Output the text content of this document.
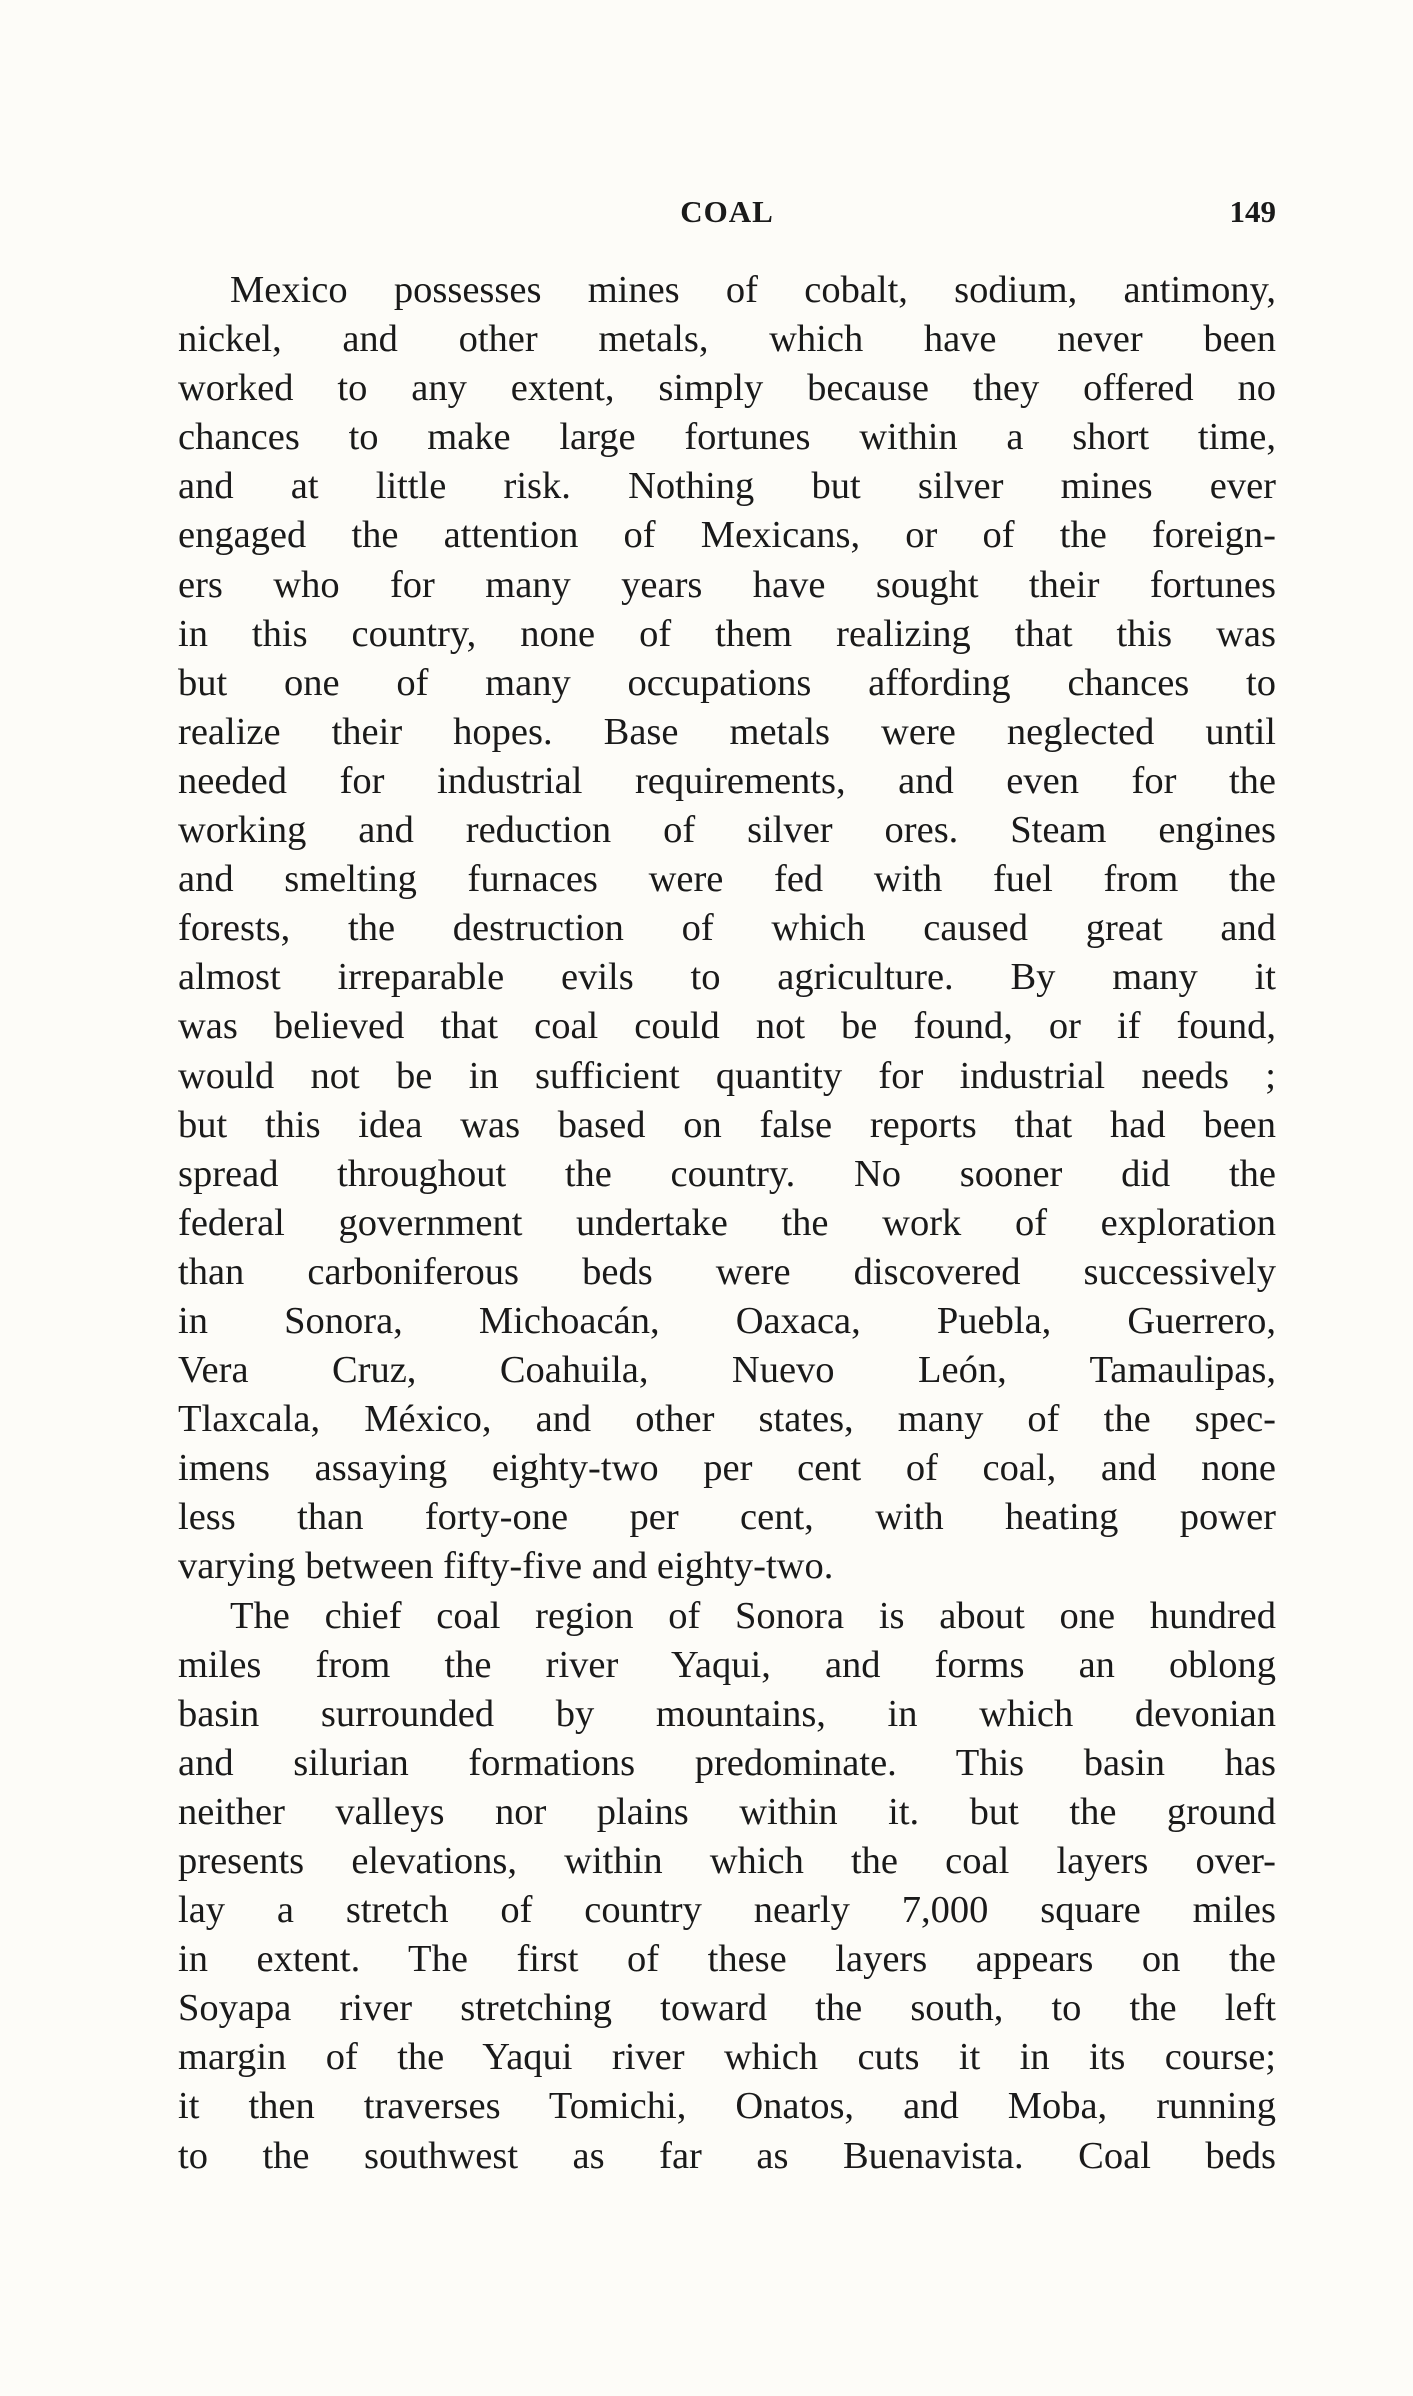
COAL	149
Mexico possesses mines of cobalt, sodium, antimony,
nickel, and other metals, which have never been
worked to any extent, simply because they offered no
chances to make large fortunes within a short time,
and at little risk. Nothing but silver mines ever
engaged the attention of Mexicans, or of the foreign-
ers who for many years have sought their fortunes
in this country, none of them realizing that this was
but one of many occupations affording chances to
realize their hopes. Base metals were neglected until
needed for industrial requirements, and even for the
working and reduction of silver ores. Steam engines
and smelting furnaces were fed with fuel from the
forests, the destruction of which caused great and
almost irreparable evils to agriculture. By many it
was believed that coal could not be found, or if found,
would not be in sufficient quantity for industrial needs ;
but this idea was based on false reports that had been
spread throughout the country. No sooner did the
federal government undertake the work of exploration
than carboniferous beds were discovered successively
in Sonora, Michoacán, Oaxaca, Puebla, Guerrero,
Vera Cruz, Coahuila, Nuevo León, Tamaulipas,
Tlaxcala, México, and other states, many of the spec-
imens assaying eighty-two per cent of coal, and none
less than forty-one per cent, with heating power
varying between fifty-five and eighty-two.
The chief coal region of Sonora is about one hundred
miles from the river Yaqui, and forms an oblong
basin surrounded by mountains, in which devonian
and silurian formations predominate. This basin has
neither valleys nor plains within it. but the ground
presents elevations, within which the coal layers over-
lay a stretch of country nearly 7,000 square miles
in extent. The first of these layers appears on the
Soyapa river stretching toward the south, to the left
margin of the Yaqui river which cuts it in its course;
it then traverses Tomichi, Onatos, and Moba, running
to the southwest as far as Buenavista. Coal beds
